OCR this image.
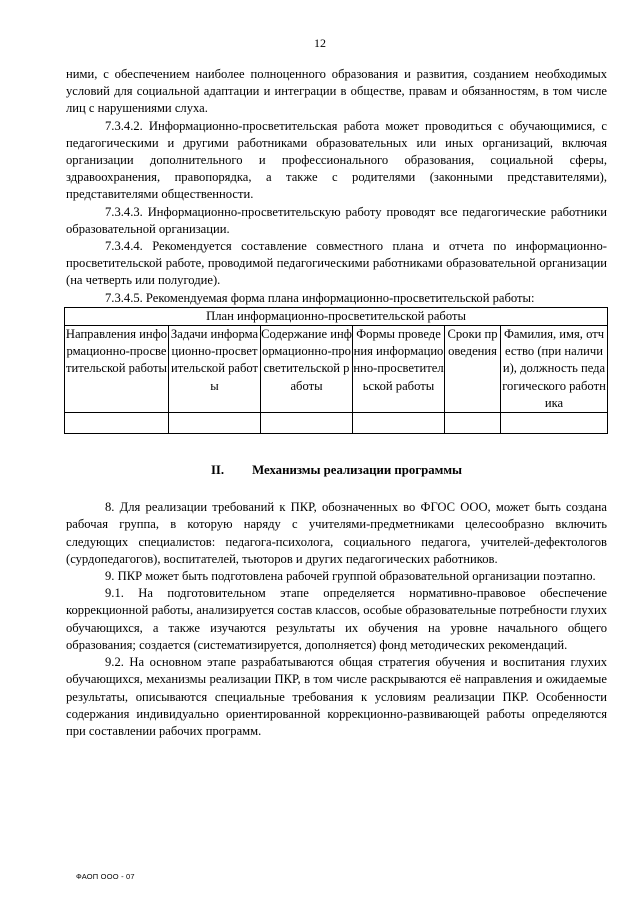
12

ними, с обеспечением наиболее полноценного образования и развития, созданием необходимых условий для социальной адаптации и интеграции в обществе, правам и обязанностям, в том числе лиц с нарушениями слуха.

7.3.4.2. Информационно-просветительская работа может проводиться с обучающимися, с педагогическими и другими работниками образовательных или иных организаций, включая организации дополнительного и профессионального образования, социальной сферы, здравоохранения, правопорядка, а также с родителями (законными представителями), представителями общественности.

7.3.4.3. Информационно-просветительскую работу проводят все педагогические работники образовательной организации.

7.3.4.4. Рекомендуется составление совместного плана и отчета по информационно-просветительской работе, проводимой педагогическими работниками образовательной организации (на четверть или полугодие).

7.3.4.5. Рекомендуемая форма плана информационно-просветительской работы:

План информационно-просветительской работы					
Направления информационно-просветительской работы	Задачи информационно-просветительской работы	Содержание информационно-просветительской работы	Формы проведения информационно-просветительской работы	Сроки проведения	Фамилия, имя, отчество (при наличии), должность педагогического работника

II. Механизмы реализации программы

8. Для реализации требований к ПКР, обозначенных во ФГОС ООО, может быть создана рабочая группа, в которую наряду с учителями-предметниками целесообразно включить следующих специалистов: педагога-психолога, социального педагога, учителей-дефектологов (сурдопедагогов), воспитателей, тьюторов и других педагогических работников.

9. ПКР может быть подготовлена рабочей группой образовательной организации поэтапно.

9.1. На подготовительном этапе определяется нормативно-правовое обеспечение коррекционной работы, анализируется состав классов, особые образовательные потребности глухих обучающихся, а также изучаются результаты их обучения на уровне начального общего образования; создается (систематизируется, дополняется) фонд методических рекомендаций.

9.2. На основном этапе разрабатываются общая стратегия обучения и воспитания глухих обучающихся, механизмы реализации ПКР, в том числе раскрываются её направления и ожидаемые результаты, описываются специальные требования к условиям реализации ПКР. Особенности содержания индивидуально ориентированной коррекционно-развивающей работы определяются при составлении рабочих программ.

ФАОП ООО - 07
